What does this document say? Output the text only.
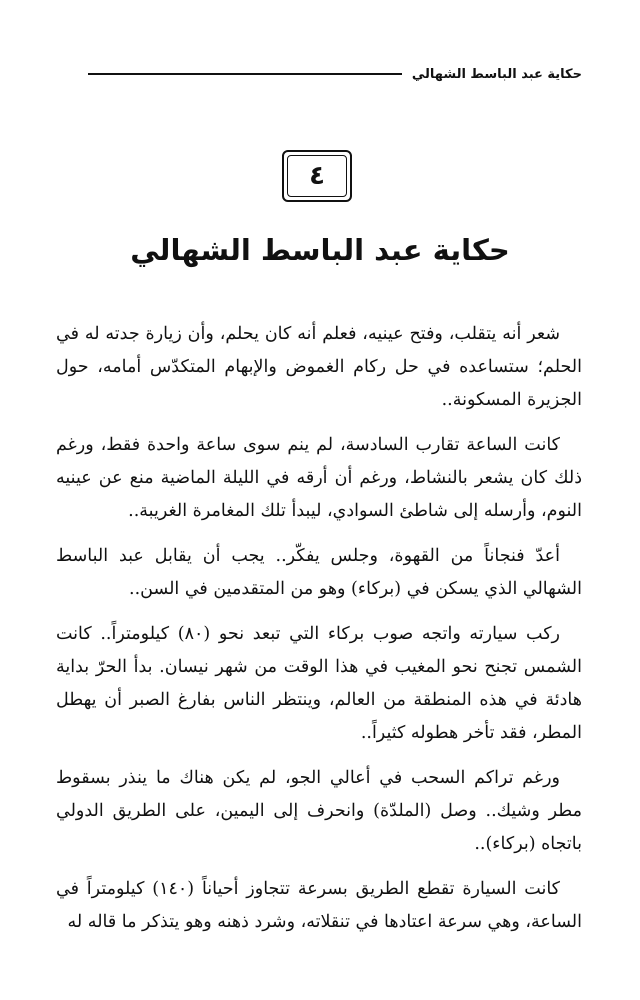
حكاية عبد الباسط الشهالي
٤
حكاية عبد الباسط الشهالي

شعر أنه يتقلب، وفتح عينيه، فعلم أنه كان يحلم، وأن زيارة جدته له في الحلم؛ ستساعده في حل ركام الغموض والإبهام المتكدّس أمامه، حول الجزيرة المسكونة..

كانت الساعة تقارب السادسة، لم ينم سوى ساعة واحدة فقط، ورغم ذلك كان يشعر بالنشاط، ورغم أن أرقه في الليلة الماضية منع عن عينيه النوم، وأرسله إلى شاطئ السوادي، ليبدأ تلك المغامرة الغريبة..

أعدّ فنجاناً من القهوة، وجلس يفكّر.. يجب أن يقابل عبد الباسط الشهالي الذي يسكن في (بركاء) وهو من المتقدمين في السن..

ركب سيارته واتجه صوب بركاء التي تبعد نحو (٨٠) كيلومتراً.. كانت الشمس تجنح نحو المغيب في هذا الوقت من شهر نيسان. بدأ الحرّ بداية هادئة في هذه المنطقة من العالم، وينتظر الناس بفارغ الصبر أن يهطل المطر، فقد تأخر هطوله كثيراً..

ورغم تراكم السحب في أعالي الجو، لم يكن هناك ما ينذر بسقوط مطر وشيك.. وصل (الملدّة) وانحرف إلى اليمين، على الطريق الدولي باتجاه (بركاء)..

كانت السيارة تقطع الطريق بسرعة تتجاوز أحياناً (١٤٠) كيلومتراً في الساعة، وهي سرعة اعتادها في تنقلاته، وشرد ذهنه وهو يتذكر ما قاله له
